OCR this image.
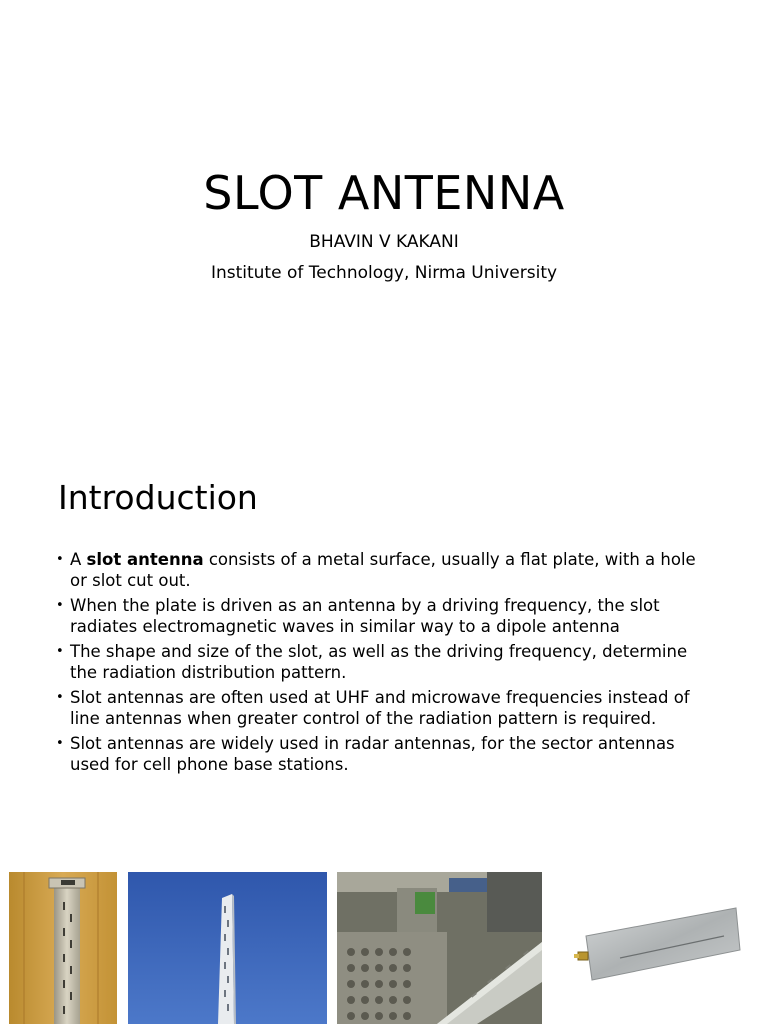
SLOT ANTENNA
BHAVIN V KAKANI
Institute of Technology, Nirma University
Introduction
• A slot antenna consists of a metal surface, usually a flat plate, with a hole or slot cut out.
• When the plate is driven as an antenna by a driving frequency, the slot radiates electromagnetic waves in similar way to a dipole antenna
• The shape and size of the slot, as well as the driving frequency, determine the radiation distribution pattern.
• Slot antennas are often used at UHF and microwave frequencies instead of line antennas when greater control of the radiation pattern is required.
• Slot antennas are widely used in radar antennas, for the sector antennas used for cell phone base stations.
